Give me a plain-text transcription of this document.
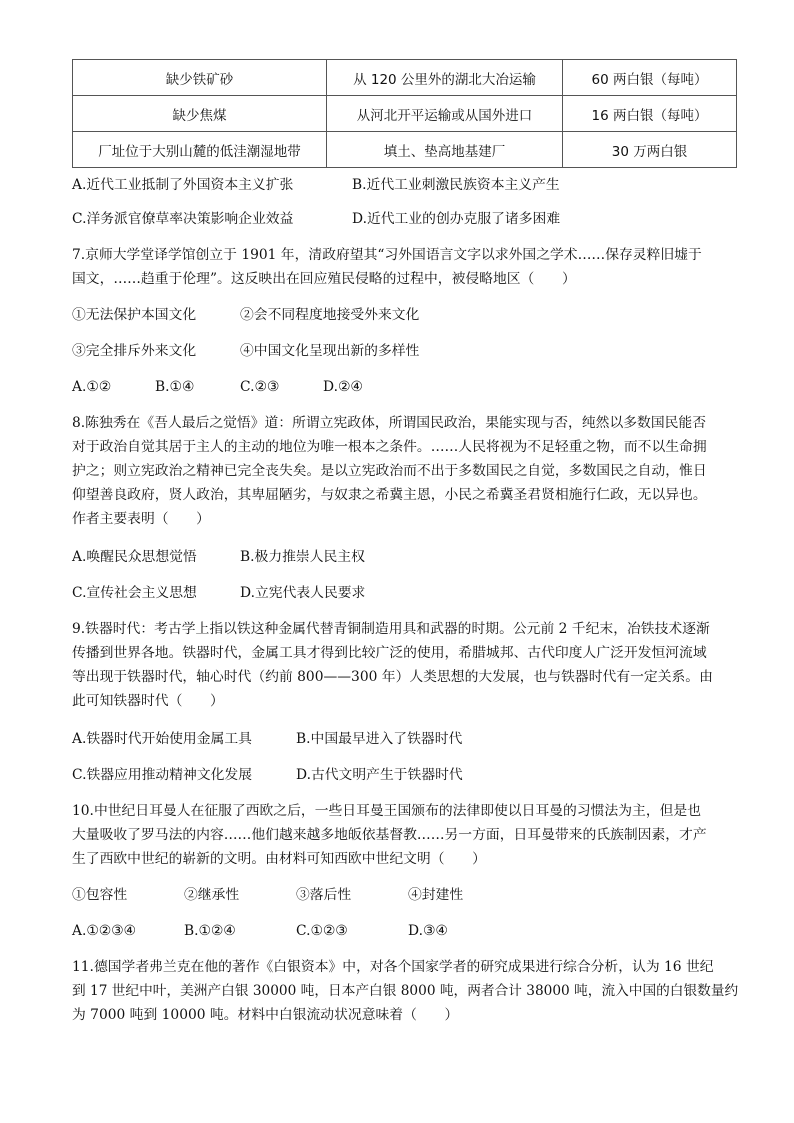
缺少铁矿砂	从 120 公里外的湖北大冶运输	60 两白银（每吨）
缺少焦煤	从河北开平运输或从国外进口	16 两白银（每吨）
厂址位于大别山麓的低洼潮湿地带	填土、垫高地基建厂	30 万两白银
A.近代工业抵制了外国资本主义扩张	B.近代工业刺激民族资本主义产生
C.洋务派官僚草率决策影响企业效益	D.近代工业的创办克服了诸多困难
7.京师大学堂译学馆创立于 1901 年，清政府望其“习外国语言文字以求外国之学术……保存灵粹旧墟于
国文，……趋重于伦理”。这反映出在回应殖民侵略的过程中，被侵略地区（　　）
①无法保护本国文化	②会不同程度地接受外来文化
③完全排斥外来文化	④中国文化呈现出新的多样性
A.①②	B.①④	C.②③	D.②④
8.陈独秀在《吾人最后之觉悟》道：所谓立宪政体，所谓国民政治，果能实现与否，纯然以多数国民能否
对于政治自觉其居于主人的主动的地位为唯一根本之条件。……人民将视为不足轻重之物，而不以生命拥
护之；则立宪政治之精神已完全丧失矣。是以立宪政治而不出于多数国民之自觉，多数国民之自动，惟日
仰望善良政府，贤人政治，其卑屈陋劣，与奴隶之希冀主恩，小民之希冀圣君贤相施行仁政，无以异也。
作者主要表明（　　）
A.唤醒民众思想觉悟	B.极力推崇人民主权
C.宣传社会主义思想	D.立宪代表人民要求
9.铁器时代：考古学上指以铁这种金属代替青铜制造用具和武器的时期。公元前 2 千纪末，冶铁技术逐渐
传播到世界各地。铁器时代，金属工具才得到比较广泛的使用，希腊城邦、古代印度人广泛开发恒河流域
等出现于铁器时代，轴心时代（约前 800——300 年）人类思想的大发展，也与铁器时代有一定关系。由
此可知铁器时代（　　）
A.铁器时代开始使用金属工具	B.中国最早进入了铁器时代
C.铁器应用推动精神文化发展	D.古代文明产生于铁器时代
10.中世纪日耳曼人在征服了西欧之后，一些日耳曼王国颁布的法律即使以日耳曼的习惯法为主，但是也
大量吸收了罗马法的内容……他们越来越多地皈依基督教……另一方面，日耳曼带来的氏族制因素，才产
生了西欧中世纪的崭新的文明。由材料可知西欧中世纪文明（　　）
①包容性	②继承性	③落后性	④封建性
A.①②③④	B.①②④	C.①②③	D.③④
11.德国学者弗兰克在他的著作《白银资本》中，对各个国家学者的研究成果进行综合分析，认为 16 世纪
到 17 世纪中叶，美洲产白银 30000 吨，日本产白银 8000 吨，两者合计 38000 吨，流入中国的白银数量约
为 7000 吨到 10000 吨。材料中白银流动状况意味着（　　）
